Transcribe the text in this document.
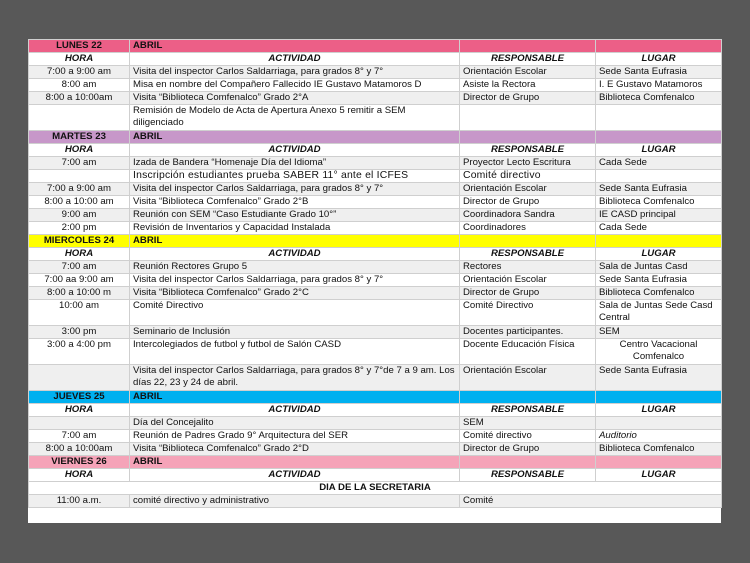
LUNES 22	ABRIL		
HORA	ACTIVIDAD	RESPONSABLE	LUGAR
7:00 a 9:00 am	Visita del inspector Carlos Saldarriaga, para grados 8° y 7°	Orientación Escolar	Sede Santa Eufrasia
8:00 am	Misa en nombre del Compañero Fallecido IE Gustavo Matamoros D	Asiste la Rectora	I. E Gustavo Matamoros
8:00 a 10:00am	Visita “Biblioteca Comfenalco” Grado 2°A	Director de Grupo	Biblioteca Comfenalco
	Remisión de Modelo de Acta de Apertura Anexo 5 remitir a SEM diligenciado		
MARTES 23	ABRIL		
HORA	ACTIVIDAD	RESPONSABLE	LUGAR
7:00 am	Izada de Bandera “Homenaje Día del Idioma”	Proyector Lecto Escritura	Cada Sede
	Inscripción estudiantes prueba SABER 11° ante el ICFES	Comité directivo	
7:00 a 9:00 am	Visita del inspector Carlos Saldarriaga, para grados 8° y 7°	Orientación Escolar	Sede Santa Eufrasia
8:00 a 10:00 am	Visita “Biblioteca Comfenalco” Grado 2°B	Director de Grupo	Biblioteca Comfenalco
9:00 am	Reunión con SEM “Caso Estudiante Grado 10°”	Coordinadora Sandra	IE CASD principal
2:00 pm	Revisión de Inventarios y Capacidad Instalada	Coordinadores	Cada Sede
MIERCOLES 24	ABRIL		
HORA	ACTIVIDAD	RESPONSABLE	LUGAR
7:00 am	Reunión Rectores Grupo 5	Rectores	Sala de Juntas Casd
7:00 aa 9:00 am	Visita del inspector Carlos Saldarriaga, para grados 8° y 7°	Orientación Escolar	Sede Santa Eufrasia
8:00 a 10:00 m	Visita “Biblioteca Comfenalco” Grado 2°C	Director de Grupo	Biblioteca Comfenalco
10:00 am	Comité Directivo	Comité Directivo	Sala de Juntas Sede Casd Central
3:00 pm	Seminario de Inclusión	Docentes participantes.	SEM
3:00 a 4:00 pm	Intercolegiados de futbol y futbol de Salón CASD	Docente Educación Física	Centro Vacacional Comfenalco
	Visita del inspector Carlos Saldarriaga, para grados 8° y 7°de 7 a 9 am. Los días 22, 23 y 24 de abril.	Orientación Escolar	Sede Santa Eufrasia
JUEVES 25	ABRIL		
HORA	ACTIVIDAD	RESPONSABLE	LUGAR
	Día del Concejalito	SEM	
7:00 am	Reunión de Padres Grado 9° Arquitectura del SER	Comité directivo	Auditorio
8:00 a 10:00am	Visita “Biblioteca Comfenalco” Grado 2°D	Director de Grupo	Biblioteca Comfenalco
VIERNES 26	ABRIL		
HORA	ACTIVIDAD	RESPONSABLE	LUGAR
DIA DE LA SECRETARIA			
11:00 a.m.	comité directivo y administrativo	Comité	
